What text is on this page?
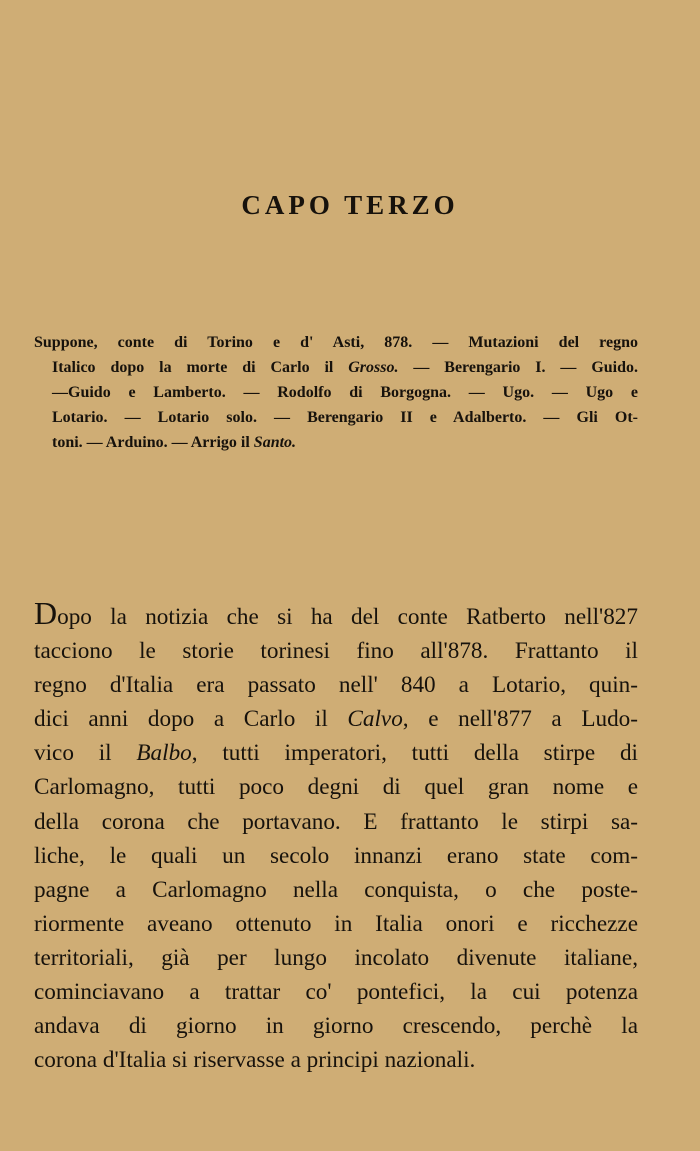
CAPO TERZO
Suppone, conte di Torino e d' Asti, 878. — Mutazioni del regno
Italico dopo la morte di Carlo il Grosso. — Berengario I. — Guido.
—Guido e Lamberto. — Rodolfo di Borgogna. — Ugo. — Ugo e
Lotario. — Lotario solo. — Berengario II e Adalberto. — Gli Ot-
toni. — Arduino. — Arrigo il Santo.
Dopo la notizia che si ha del conte Ratberto nell'827
tacciono le storie torinesi fino all'878. Frattanto il
regno d'Italia era passato nell' 840 a Lotario, quin-
dici anni dopo a Carlo il Calvo, e nell'877 a Ludo-
vico il Balbo, tutti imperatori, tutti della stirpe di
Carlomagno, tutti poco degni di quel gran nome e
della corona che portavano. E frattanto le stirpi sa-
liche, le quali un secolo innanzi erano state com-
pagne a Carlomagno nella conquista, o che poste-
riormente aveano ottenuto in Italia onori e ricchezze
territoriali, già per lungo incolato divenute italiane,
cominciavano a trattar co' pontefici, la cui potenza
andava di giorno in giorno crescendo, perchè la
corona d'Italia si riservasse a principi nazionali.
